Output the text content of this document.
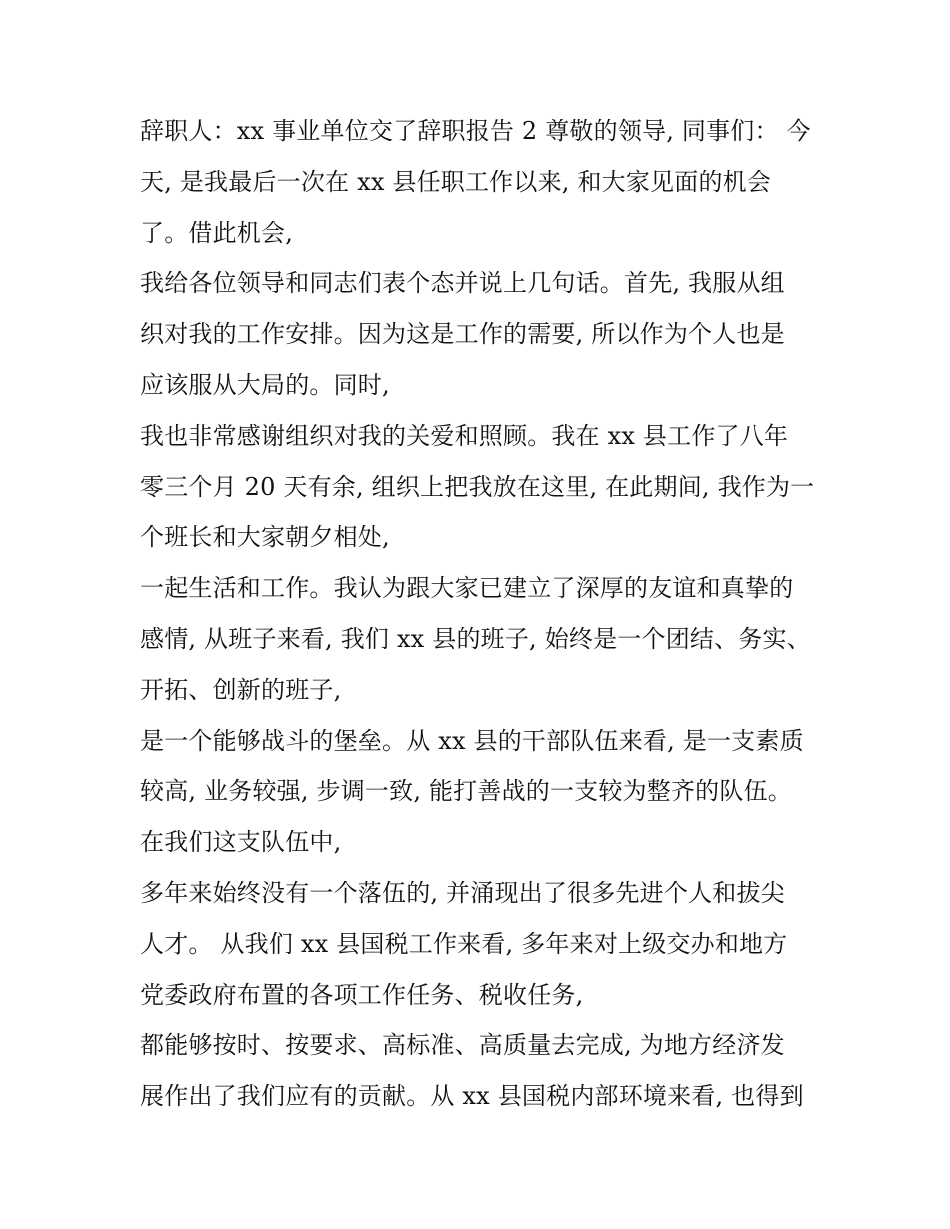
辞职人：xx 事业单位交了辞职报告 2 尊敬的领导, 同事们： 今
天, 是我最后一次在 xx 县任职工作以来, 和大家见面的机会
了。借此机会,
我给各位领导和同志们表个态并说上几句话。首先, 我服从组
织对我的工作安排。因为这是工作的需要, 所以作为个人也是
应该服从大局的。同时,
我也非常感谢组织对我的关爱和照顾。我在 xx 县工作了八年
零三个月 20 天有余, 组织上把我放在这里, 在此期间, 我作为一
个班长和大家朝夕相处,
一起生活和工作。我认为跟大家已建立了深厚的友谊和真挚的
感情, 从班子来看, 我们 xx 县的班子, 始终是一个团结、务实、
开拓、创新的班子,
是一个能够战斗的堡垒。从 xx 县的干部队伍来看, 是一支素质
较高, 业务较强, 步调一致, 能打善战的一支较为整齐的队伍。
在我们这支队伍中,
多年来始终没有一个落伍的, 并涌现出了很多先进个人和拔尖
人才。 从我们 xx 县国税工作来看, 多年来对上级交办和地方
党委政府布置的各项工作任务、税收任务,
都能够按时、按要求、高标准、高质量去完成, 为地方经济发
展作出了我们应有的贡献。从 xx 县国税内部环境来看, 也得到
